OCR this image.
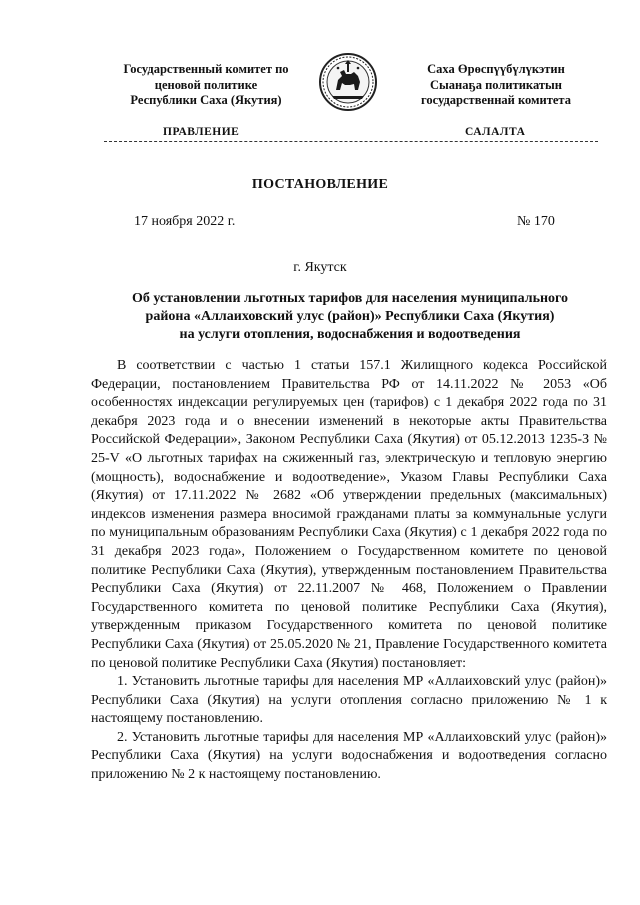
Государственный комитет по
ценовой политике
Республики Саха (Якутия)
Саха Өрөспүүбүлүкэтин
Сыанаҕа политикатын
государственнай комитета
ПРАВЛЕНИЕ	САЛАЛТА
ПОСТАНОВЛЕНИЕ
17 ноября 2022 г.	№ 170
г. Якутск
Об установлении льготных тарифов для населения муниципального
района «Аллаиховский улус (район)» Республики Саха (Якутия)
на услуги отопления, водоснабжения и водоотведения

В соответствии с частью 1 статьи 157.1 Жилищного кодекса Российской Федерации, постановлением Правительства РФ от 14.11.2022 № 2053 «Об особенностях индексации регулируемых цен (тарифов) с 1 декабря 2022 года по 31 декабря 2023 года и о внесении изменений в некоторые акты Правительства Российской Федерации», Законом Республики Саха (Якутия) от 05.12.2013 1235-З № 25-V «О льготных тарифах на сжиженный газ, электрическую и тепловую энергию (мощность), водоснабжение и водоотведение», Указом Главы Республики Саха (Якутия) от 17.11.2022 № 2682 «Об утверждении предельных (максимальных) индексов изменения размера вносимой гражданами платы за коммунальные услуги по муниципальным образованиям Республики Саха (Якутия) с 1 декабря 2022 года по 31 декабря 2023 года», Положением о Государственном комитете по ценовой политике Республики Саха (Якутия), утвержденным постановлением Правительства Республики Саха (Якутия) от 22.11.2007 № 468, Положением о Правлении Государственного комитета по ценовой политике Республики Саха (Якутия), утвержденным приказом Государственного комитета по ценовой политике Республики Саха (Якутия) от 25.05.2020 № 21, Правление Государственного комитета по ценовой политике Республики Саха (Якутия) постановляет:

1. Установить льготные тарифы для населения МР «Аллаиховский улус (район)» Республики Саха (Якутия) на услуги отопления согласно приложению № 1 к настоящему постановлению.

2. Установить льготные тарифы для населения МР «Аллаиховский улус (район)» Республики Саха (Якутия) на услуги водоснабжения и водоотведения согласно приложению № 2 к настоящему постановлению.
